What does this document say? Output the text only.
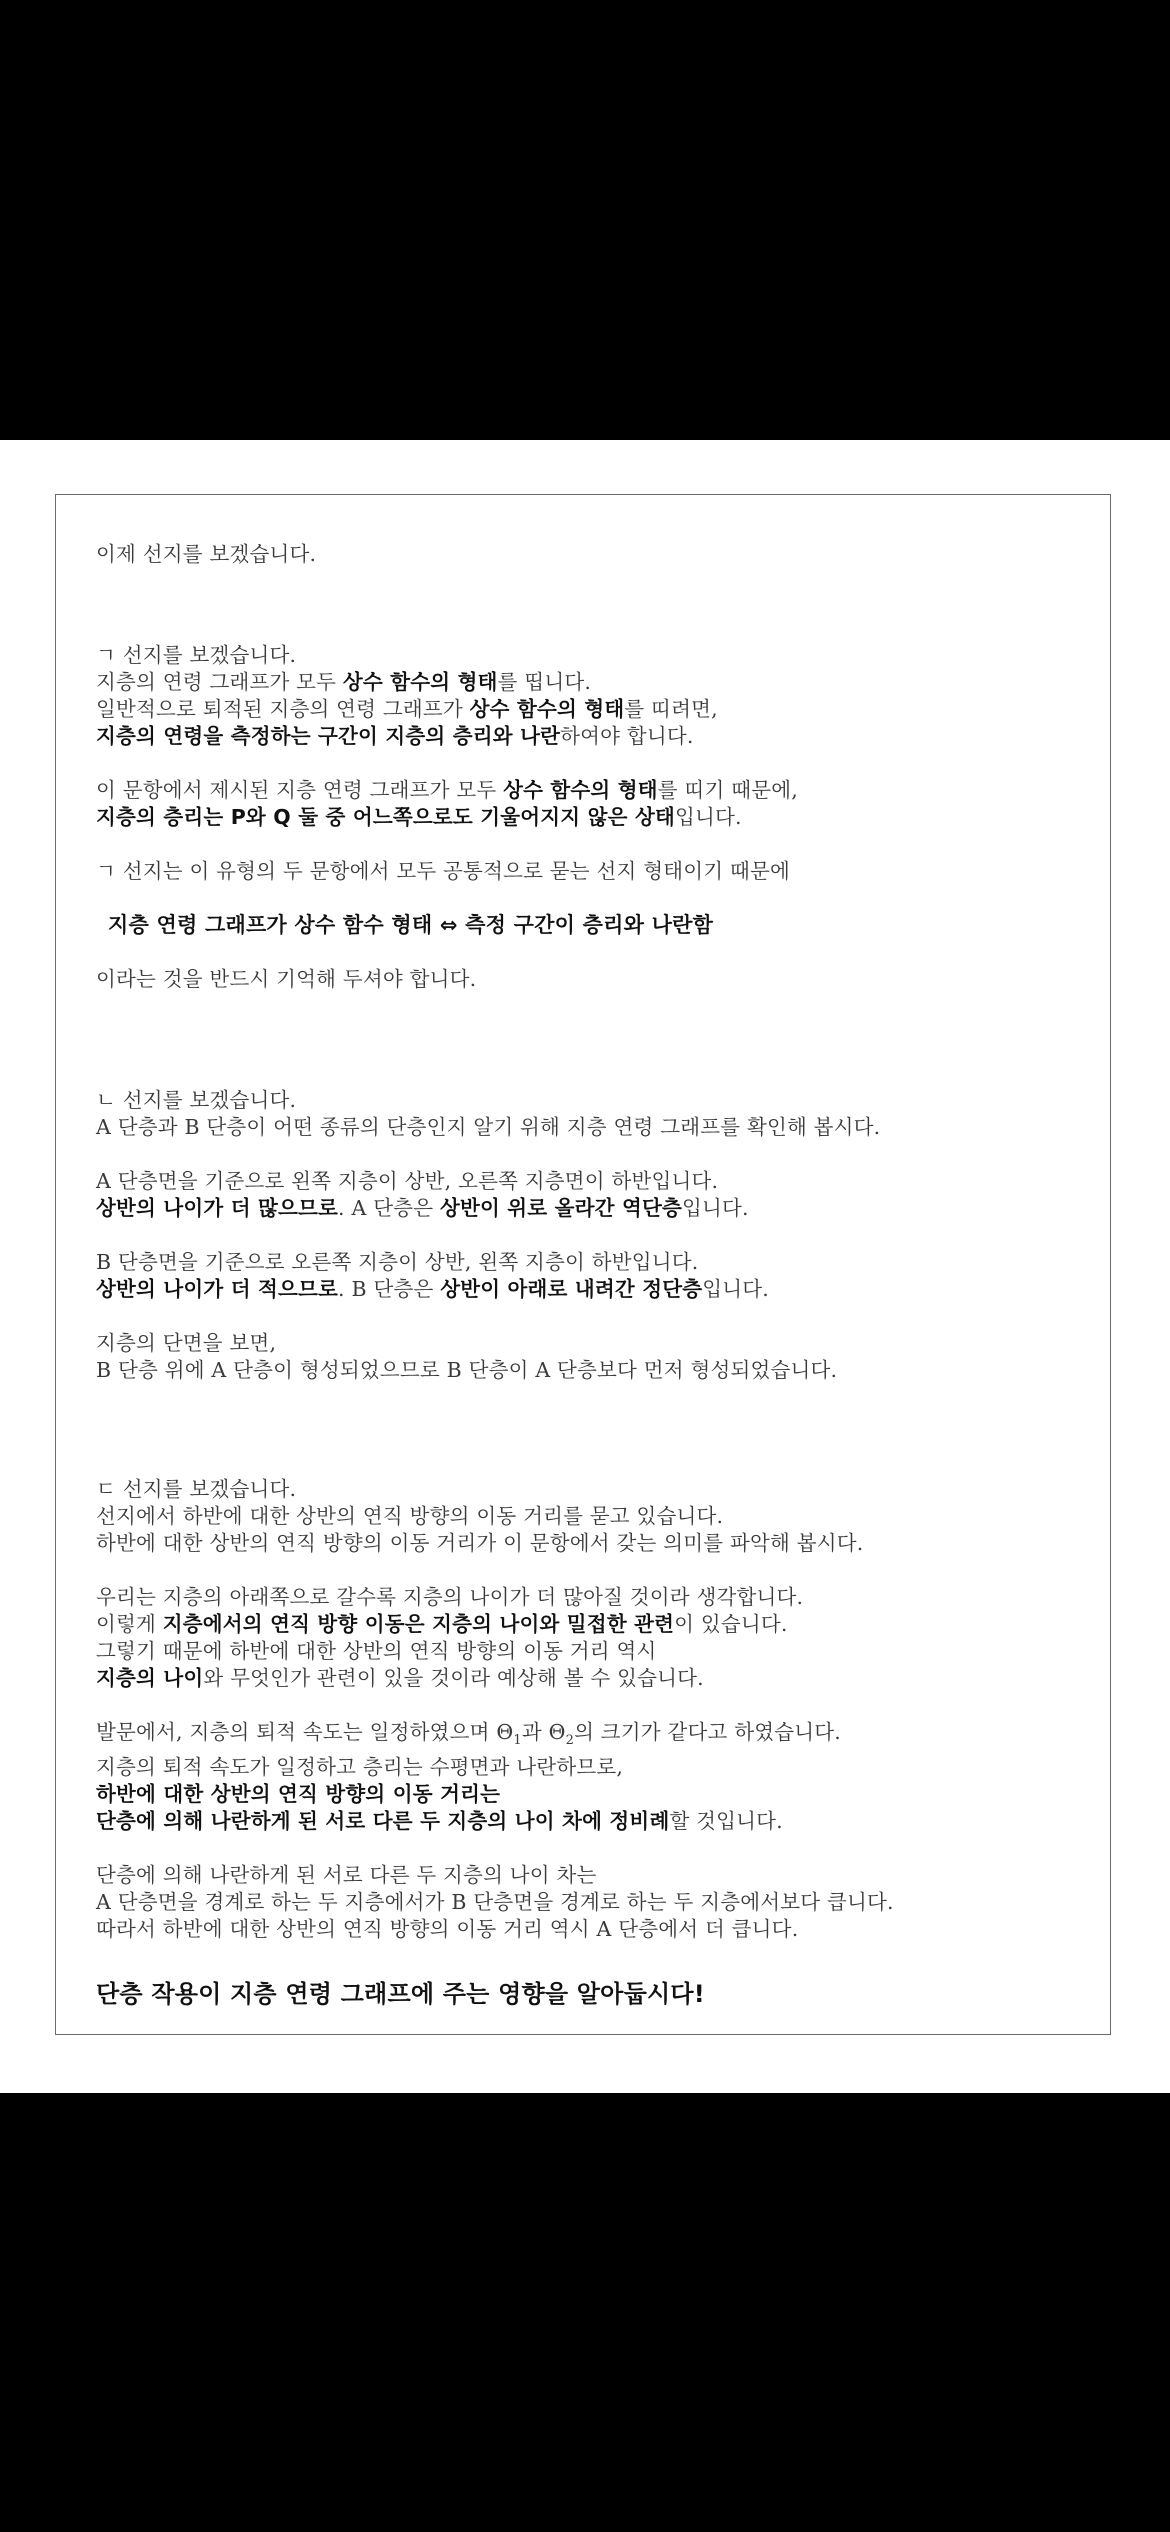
이제 선지를 보겠습니다.

ㄱ 선지를 보겠습니다.

지층의 연령 그래프가 모두 상수 함수의 형태를 띱니다.

일반적으로 퇴적된 지층의 연령 그래프가 상수 함수의 형태를 띠려면,

지층의 연령을 측정하는 구간이 지층의 층리와 나란하여야 합니다.

이 문항에서 제시된 지층 연령 그래프가 모두 상수 함수의 형태를 띠기 때문에,

지층의 층리는 P와 Q 둘 중 어느쪽으로도 기울어지지 않은 상태입니다.

ㄱ 선지는 이 유형의 두 문항에서 모두 공통적으로 묻는 선지 형태이기 때문에

지층 연령 그래프가 상수 함수 형태 ⇔ 측정 구간이 층리와 나란함

이라는 것을 반드시 기억해 두셔야 합니다.

ㄴ 선지를 보겠습니다.

A 단층과 B 단층이 어떤 종류의 단층인지 알기 위해 지층 연령 그래프를 확인해 봅시다.

A 단층면을 기준으로 왼쪽 지층이 상반, 오른쪽 지층면이 하반입니다.

상반의 나이가 더 많으므로. A 단층은 상반이 위로 올라간 역단층입니다.

B 단층면을 기준으로 오른쪽 지층이 상반, 왼쪽 지층이 하반입니다.

상반의 나이가 더 적으므로. B 단층은 상반이 아래로 내려간 정단층입니다.

지층의 단면을 보면,

B 단층 위에 A 단층이 형성되었으므로 B 단층이 A 단층보다 먼저 형성되었습니다.

ㄷ 선지를 보겠습니다.

선지에서 하반에 대한 상반의 연직 방향의 이동 거리를 묻고 있습니다.

하반에 대한 상반의 연직 방향의 이동 거리가 이 문항에서 갖는 의미를 파악해 봅시다.

우리는 지층의 아래쪽으로 갈수록 지층의 나이가 더 많아질 것이라 생각합니다.

이렇게 지층에서의 연직 방향 이동은 지층의 나이와 밀접한 관련이 있습니다.

그렇기 때문에 하반에 대한 상반의 연직 방향의 이동 거리 역시

지층의 나이와 무엇인가 관련이 있을 것이라 예상해 볼 수 있습니다.

발문에서, 지층의 퇴적 속도는 일정하였으며 $\Theta_1$과 $\Theta_2$의 크기가 같다고 하였습니다.

지층의 퇴적 속도가 일정하고 층리는 수평면과 나란하므로,

하반에 대한 상반의 연직 방향의 이동 거리는

단층에 의해 나란하게 된 서로 다른 두 지층의 나이 차에 정비례할 것입니다.

단층에 의해 나란하게 된 서로 다른 두 지층의 나이 차는

A 단층면을 경계로 하는 두 지층에서가 B 단층면을 경계로 하는 두 지층에서보다 큽니다.

따라서 하반에 대한 상반의 연직 방향의 이동 거리 역시 A 단층에서 더 큽니다.

단층 작용이 지층 연령 그래프에 주는 영향을 알아둡시다!
